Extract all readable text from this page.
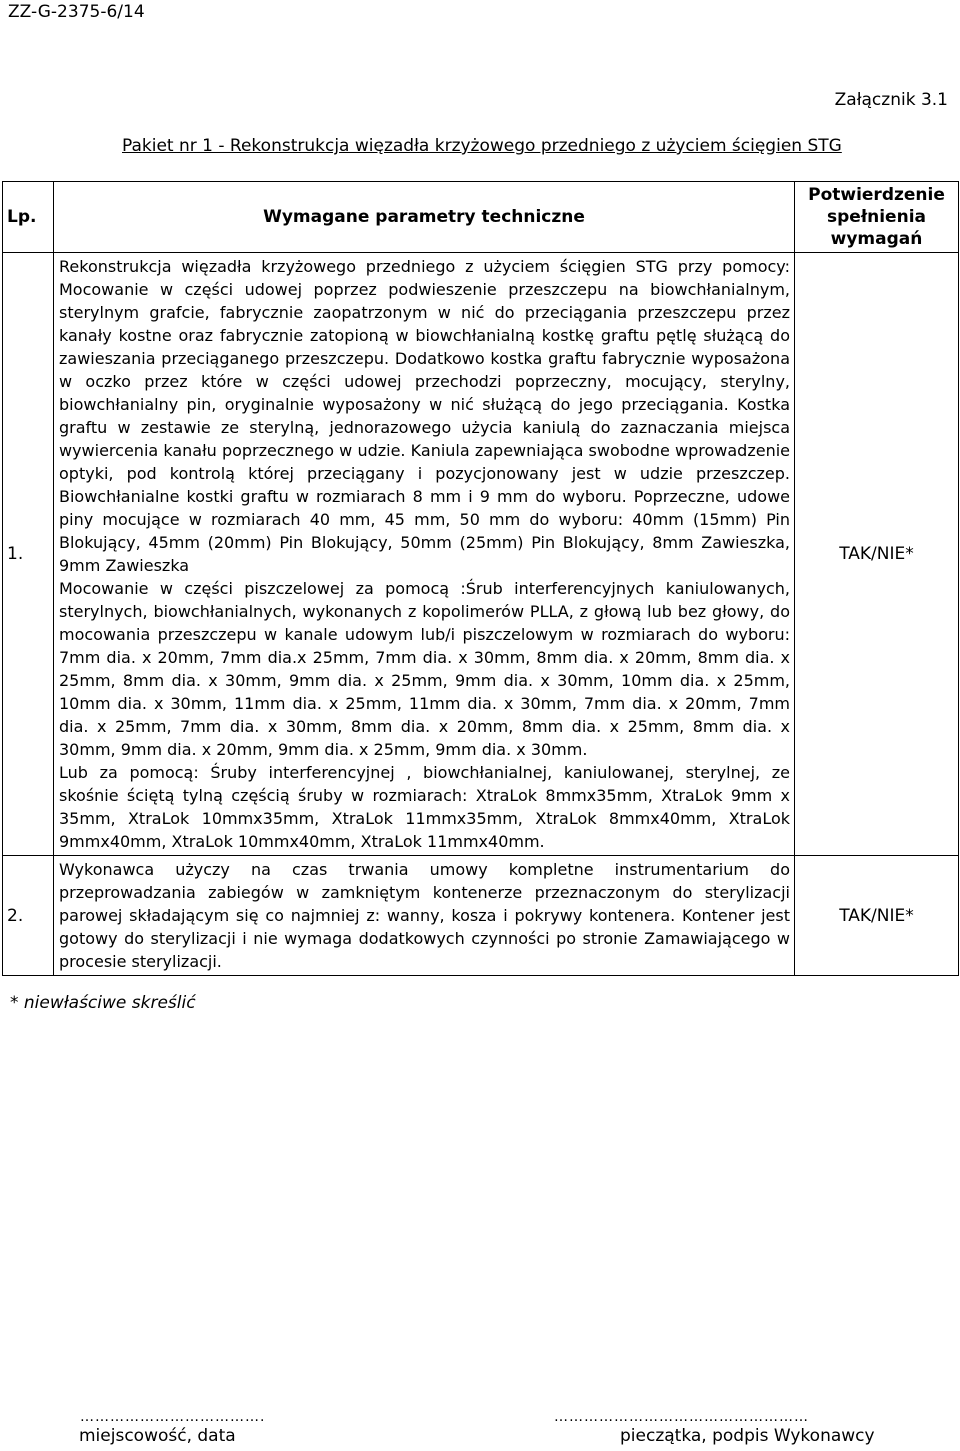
ZZ-G-2375-6/14
Załącznik 3.1
Pakiet nr 1 - Rekonstrukcja więzadła krzyżowego przedniego z użyciem ścięgien STG
Lp.	Wymagane parametry techniczne	Potwierdzenie spełnienia wymagań
1.	Rekonstrukcja więzadła krzyżowego przedniego z użyciem ścięgien STG przy pomocy: Mocowanie w części udowej poprzez podwieszenie przeszczepu na biowchłanialnym, sterylnym grafcie, fabrycznie zaopatrzonym w nić do przeciągania przeszczepu przez kanały kostne oraz fabrycznie zatopioną w biowchłanialną kostkę graftu pętlę służącą do zawieszania przeciąganego przeszczepu. Dodatkowo kostka graftu fabrycznie wyposażona w oczko przez które w części udowej przechodzi poprzeczny, mocujący, sterylny, biowchłanialny pin, oryginalnie wyposażony w nić służącą do jego przeciągania. Kostka graftu w zestawie ze sterylną, jednorazowego użycia kaniulą do zaznaczania miejsca wywiercenia kanału poprzecznego w udzie. Kaniula zapewniająca swobodne wprowadzenie optyki, pod kontrolą której przeciągany i pozycjonowany jest w udzie przeszczep. Biowchłanialne kostki graftu w rozmiarach 8 mm i 9 mm do wyboru. Poprzeczne, udowe piny mocujące w rozmiarach 40 mm, 45 mm, 50 mm do wyboru: 40mm (15mm) Pin Blokujący, 45mm (20mm) Pin Blokujący, 50mm (25mm) Pin Blokujący, 8mm Zawieszka, 9mm Zawieszka
Mocowanie w części piszczelowej za pomocą :Śrub interferencyjnych kaniulowanych, sterylnych, biowchłanialnych, wykonanych z kopolimerów PLLA, z głową lub bez głowy, do mocowania przeszczepu w kanale udowym lub/i piszczelowym w rozmiarach do wyboru: 7mm dia. x 20mm, 7mm dia.x 25mm, 7mm dia. x 30mm, 8mm dia. x 20mm, 8mm dia. x 25mm, 8mm dia. x 30mm, 9mm dia. x 25mm, 9mm dia. x 30mm, 10mm dia. x 25mm, 10mm dia. x 30mm, 11mm dia. x 25mm, 11mm dia. x 30mm, 7mm dia. x 20mm, 7mm dia. x 25mm, 7mm dia. x 30mm, 8mm dia. x 20mm, 8mm dia. x 25mm, 8mm dia. x 30mm, 9mm dia. x 20mm, 9mm dia. x 25mm, 9mm dia. x 30mm.
Lub za pomocą: Śruby interferencyjnej , biowchłanialnej, kaniulowanej, sterylnej, ze skośnie ściętą tylną częścią śruby w rozmiarach: XtraLok 8mmx35mm, XtraLok 9mm x 35mm, XtraLok 10mmx35mm, XtraLok 11mmx35mm, XtraLok 8mmx40mm, XtraLok 9mmx40mm, XtraLok 10mmx40mm, XtraLok 11mmx40mm.	TAK/NIE*
2.	Wykonawca użyczy na czas trwania umowy kompletne instrumentarium do przeprowadzania zabiegów w zamkniętym kontenerze przeznaczonym do sterylizacji parowej składającym się co najmniej z: wanny, kosza i pokrywy kontenera. Kontener jest gotowy do sterylizacji i nie wymaga dodatkowych czynności po stronie Zamawiającego w procesie sterylizacji.	TAK/NIE*
* niewłaściwe skreślić
……………………………….	……………………………………………
miejscowość, data	pieczątka, podpis Wykonawcy
